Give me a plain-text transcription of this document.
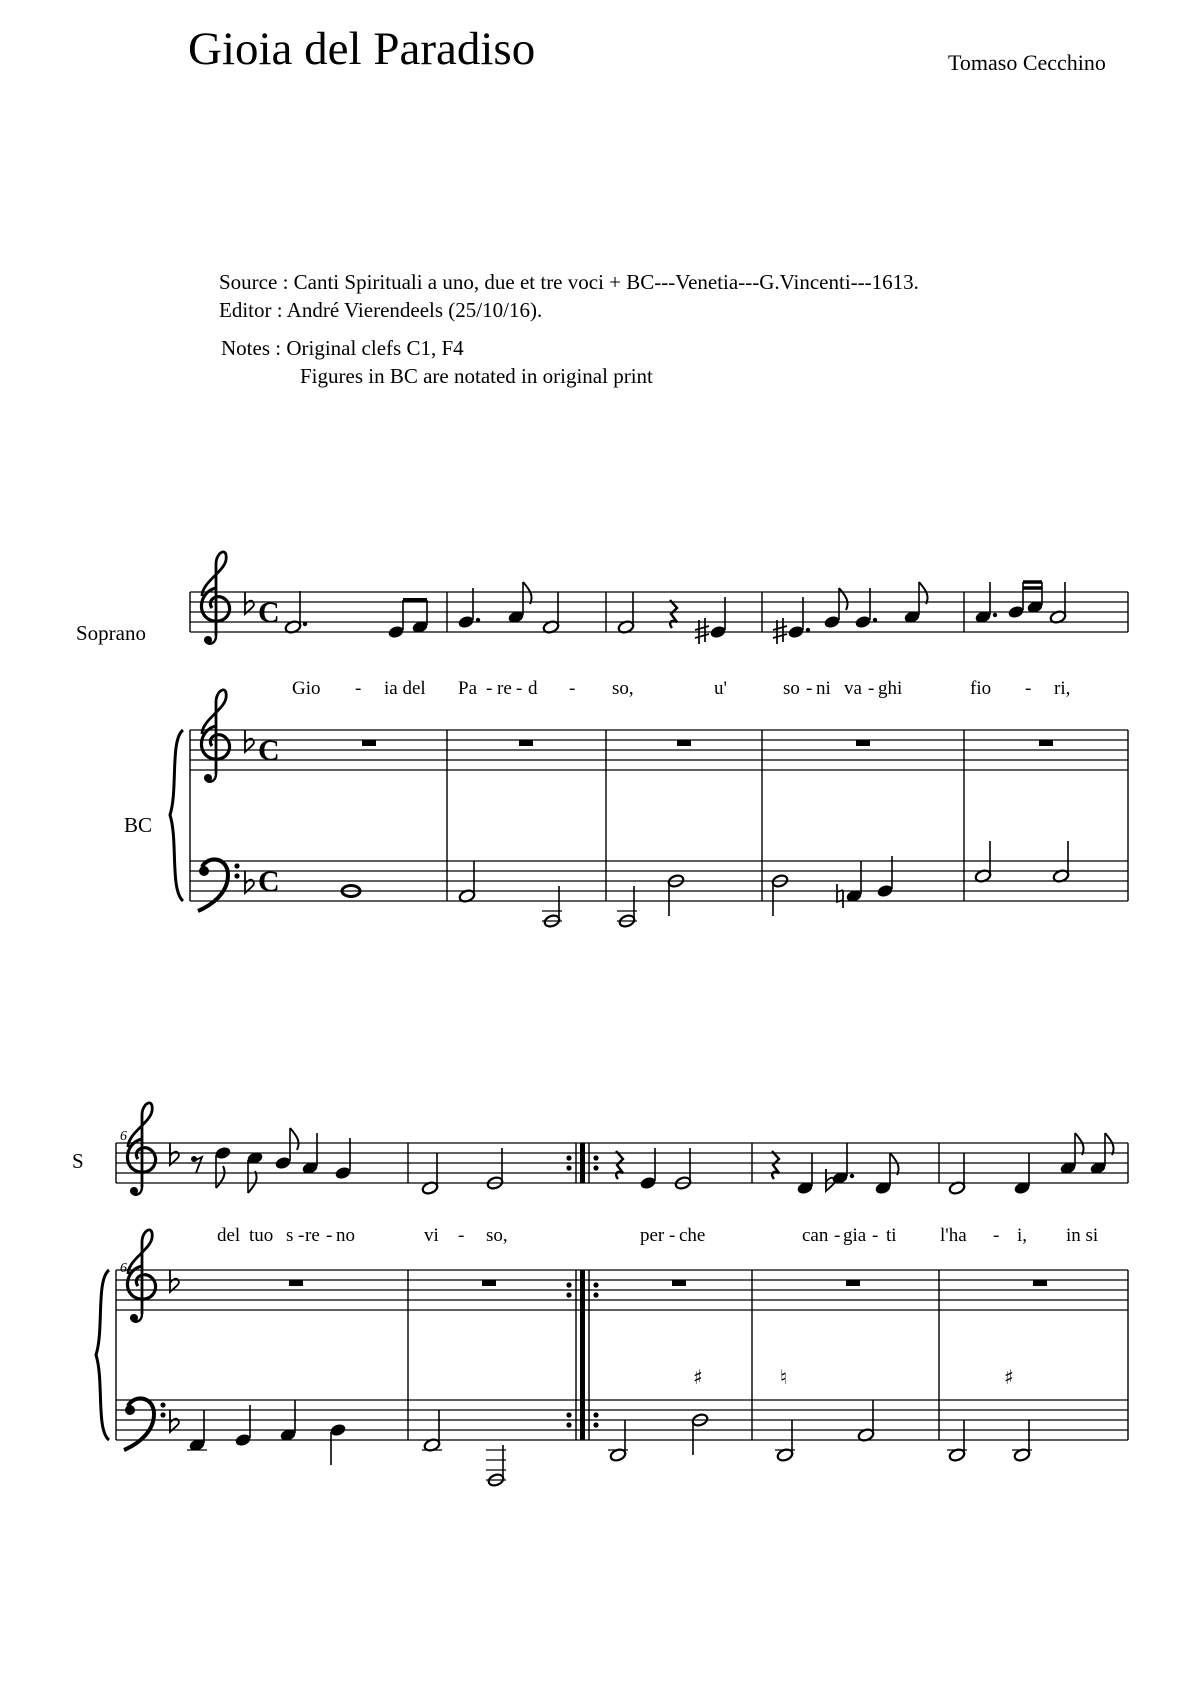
Gioia del Paradiso	Tomaso Cecchino
Source : Canti Spirituali a uno, due et tre voci + BC---Venetia---G.Vincenti---1613.
Editor : André Vierendeels (25/10/16).
Notes : Original clefs C1, F4
Figures in BC are notated in original print
C
Soprano
Gio - ia del Pa - re - d - so,	u'	so - ni va - ghi	fio - ri,
BC
C
C
6
S
del tuo s - re - no	vi - so,	per - che	can - gia - ti l'ha - i, in si
6
♯	♮	♯
